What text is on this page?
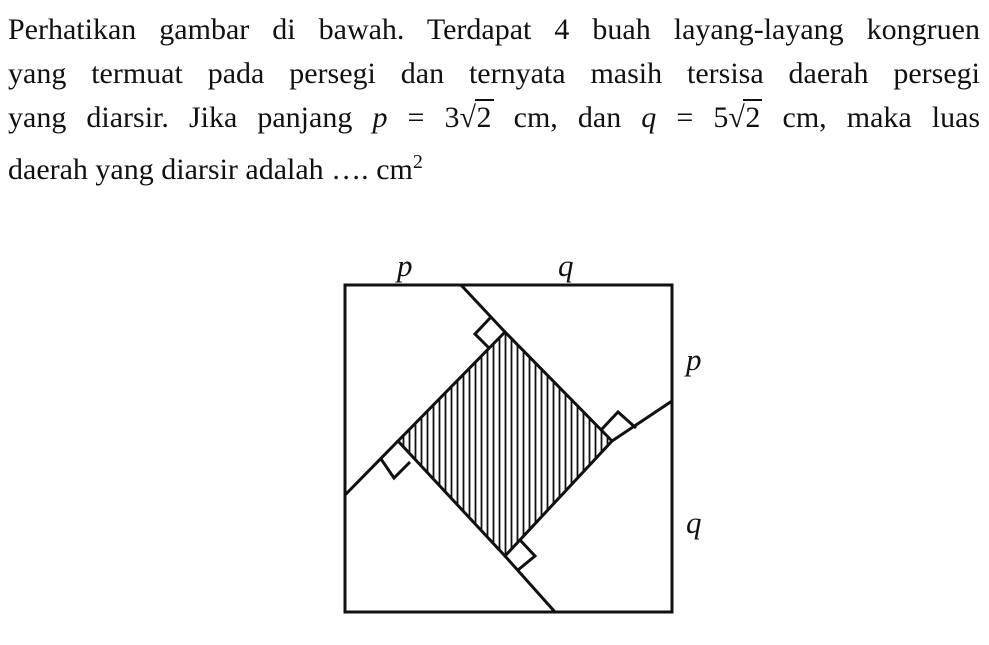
Perhatikan gambar di bawah. Terdapat 4 buah layang-layang kongruen
yang termuat pada persegi dan ternyata masih tersisa daerah persegi
yang diarsir. Jika panjang p = 3 √ 2 cm, dan q = 5 √ 2 cm, maka luas
daerah yang diarsir adalah …. $cm^2$
p	q
p
q
